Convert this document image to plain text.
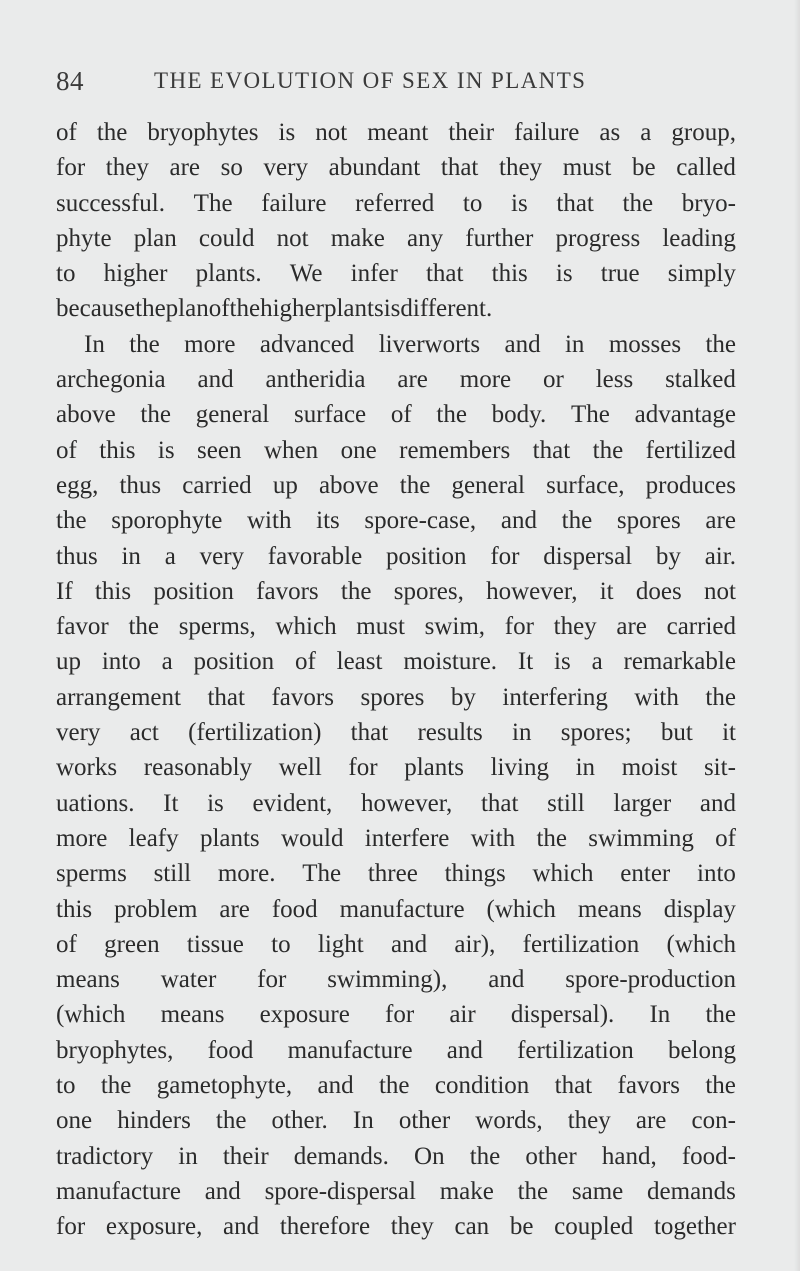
84	THE EVOLUTION OF SEX IN PLANTS
of the bryophytes is not meant their failure as a group,
for they are so very abundant that they must be called
successful. The failure referred to is that the bryo-
phyte plan could not make any further progress leading
to higher plants. We infer that this is true simply
because the plan of the higher plants is different.
In the more advanced liverworts and in mosses the
archegonia and antheridia are more or less stalked
above the general surface of the body. The advantage
of this is seen when one remembers that the fertilized
egg, thus carried up above the general surface, produces
the sporophyte with its spore-case, and the spores are
thus in a very favorable position for dispersal by air.
If this position favors the spores, however, it does not
favor the sperms, which must swim, for they are carried
up into a position of least moisture. It is a remarkable
arrangement that favors spores by interfering with the
very act (fertilization) that results in spores; but it
works reasonably well for plants living in moist sit-
uations. It is evident, however, that still larger and
more leafy plants would interfere with the swimming of
sperms still more. The three things which enter into
this problem are food manufacture (which means display
of green tissue to light and air), fertilization (which
means water for swimming), and spore-production
(which means exposure for air dispersal). In the
bryophytes, food manufacture and fertilization belong
to the gametophyte, and the condition that favors the
one hinders the other. In other words, they are con-
tradictory in their demands. On the other hand, food-
manufacture and spore-dispersal make the same demands
for exposure, and therefore they can be coupled together
